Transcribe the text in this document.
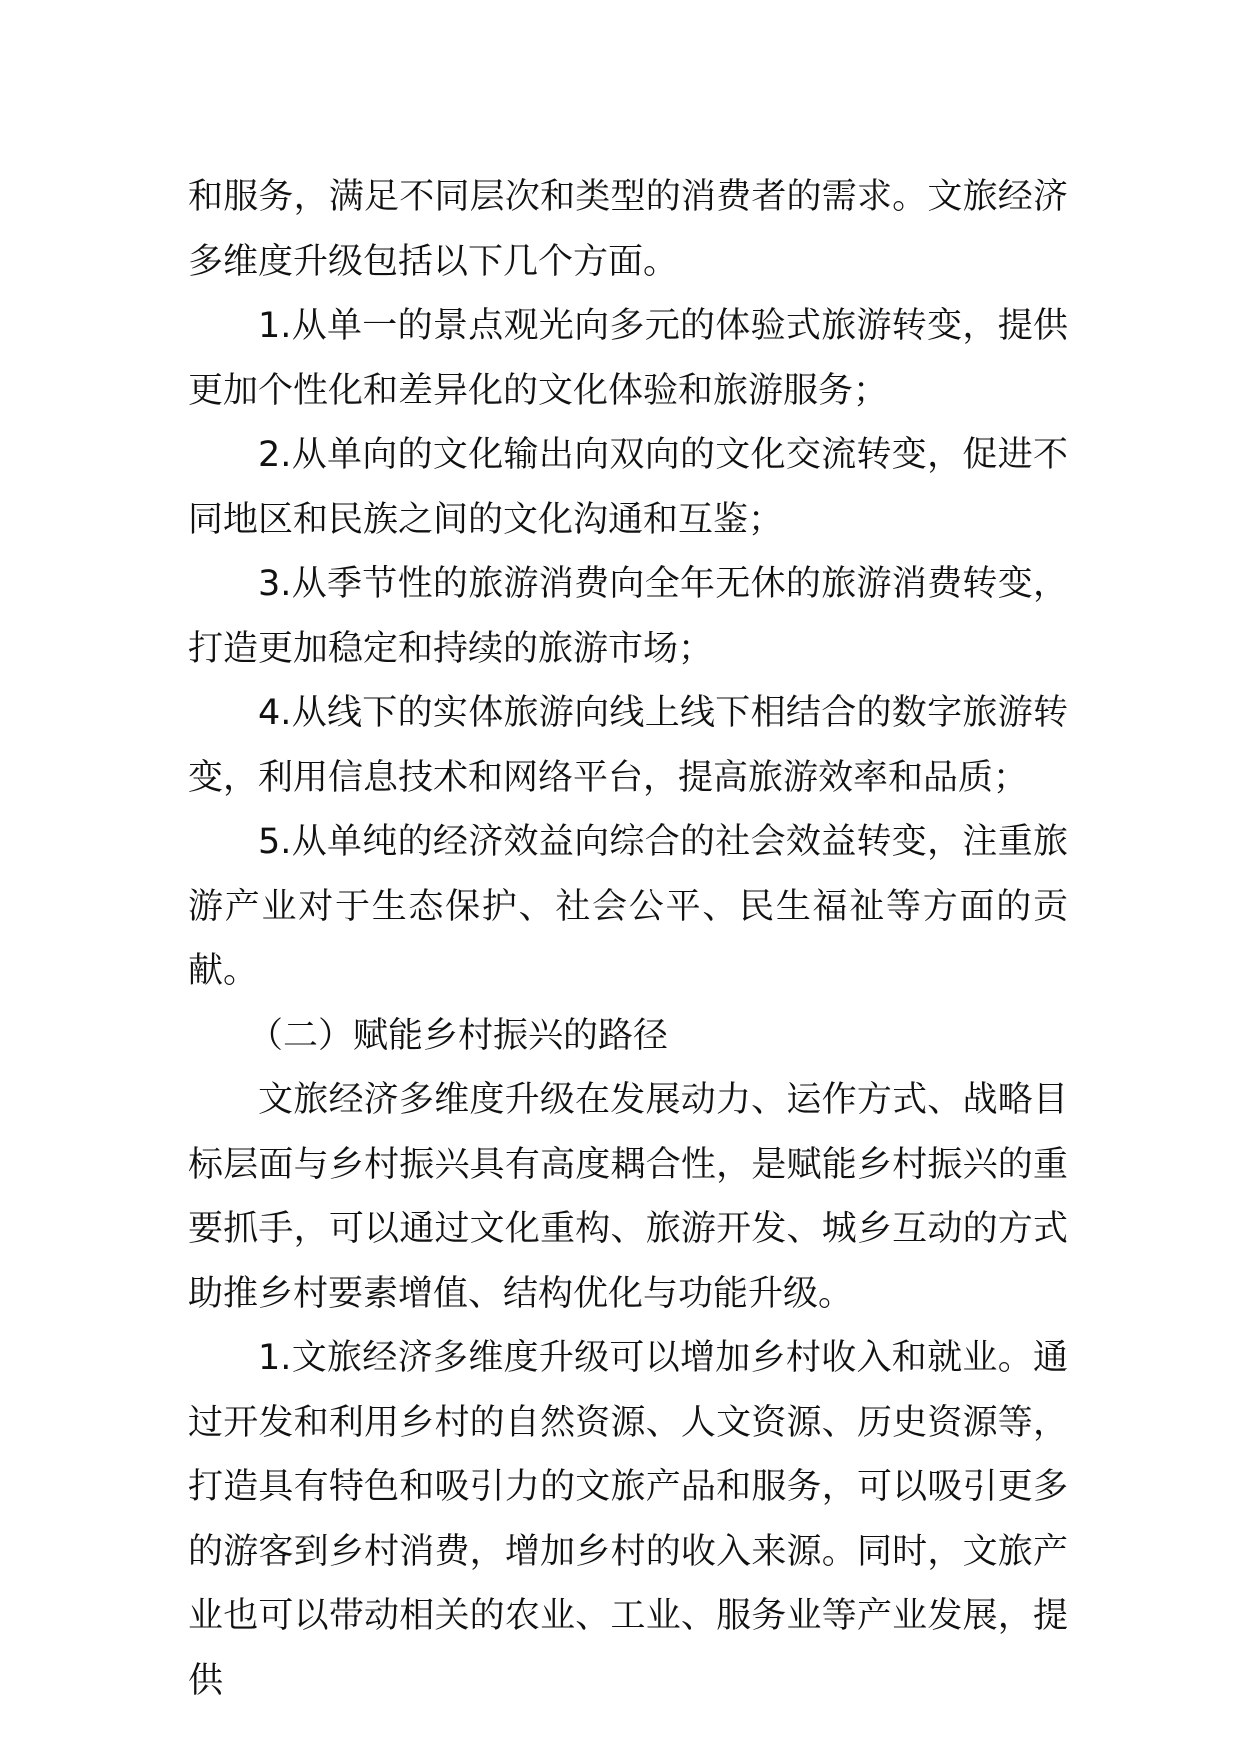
和服务，满足不同层次和类型的消费者的需求。文旅经济多维度升级包括以下几个方面。

1.从单一的景点观光向多元的体验式旅游转变，提供更加个性化和差异化的文化体验和旅游服务；

2.从单向的文化输出向双向的文化交流转变，促进不同地区和民族之间的文化沟通和互鉴；

3.从季节性的旅游消费向全年无休的旅游消费转变，打造更加稳定和持续的旅游市场；

4.从线下的实体旅游向线上线下相结合的数字旅游转变，利用信息技术和网络平台，提高旅游效率和品质；

5.从单纯的经济效益向综合的社会效益转变，注重旅游产业对于生态保护、社会公平、民生福祉等方面的贡献。

（二）赋能乡村振兴的路径

文旅经济多维度升级在发展动力、运作方式、战略目标层面与乡村振兴具有高度耦合性，是赋能乡村振兴的重要抓手，可以通过文化重构、旅游开发、城乡互动的方式助推乡村要素增值、结构优化与功能升级。

1.文旅经济多维度升级可以增加乡村收入和就业。通过开发和利用乡村的自然资源、人文资源、历史资源等，打造具有特色和吸引力的文旅产品和服务，可以吸引更多的游客到乡村消费，增加乡村的收入来源。同时，文旅产业也可以带动相关的农业、工业、服务业等产业发展，提供
